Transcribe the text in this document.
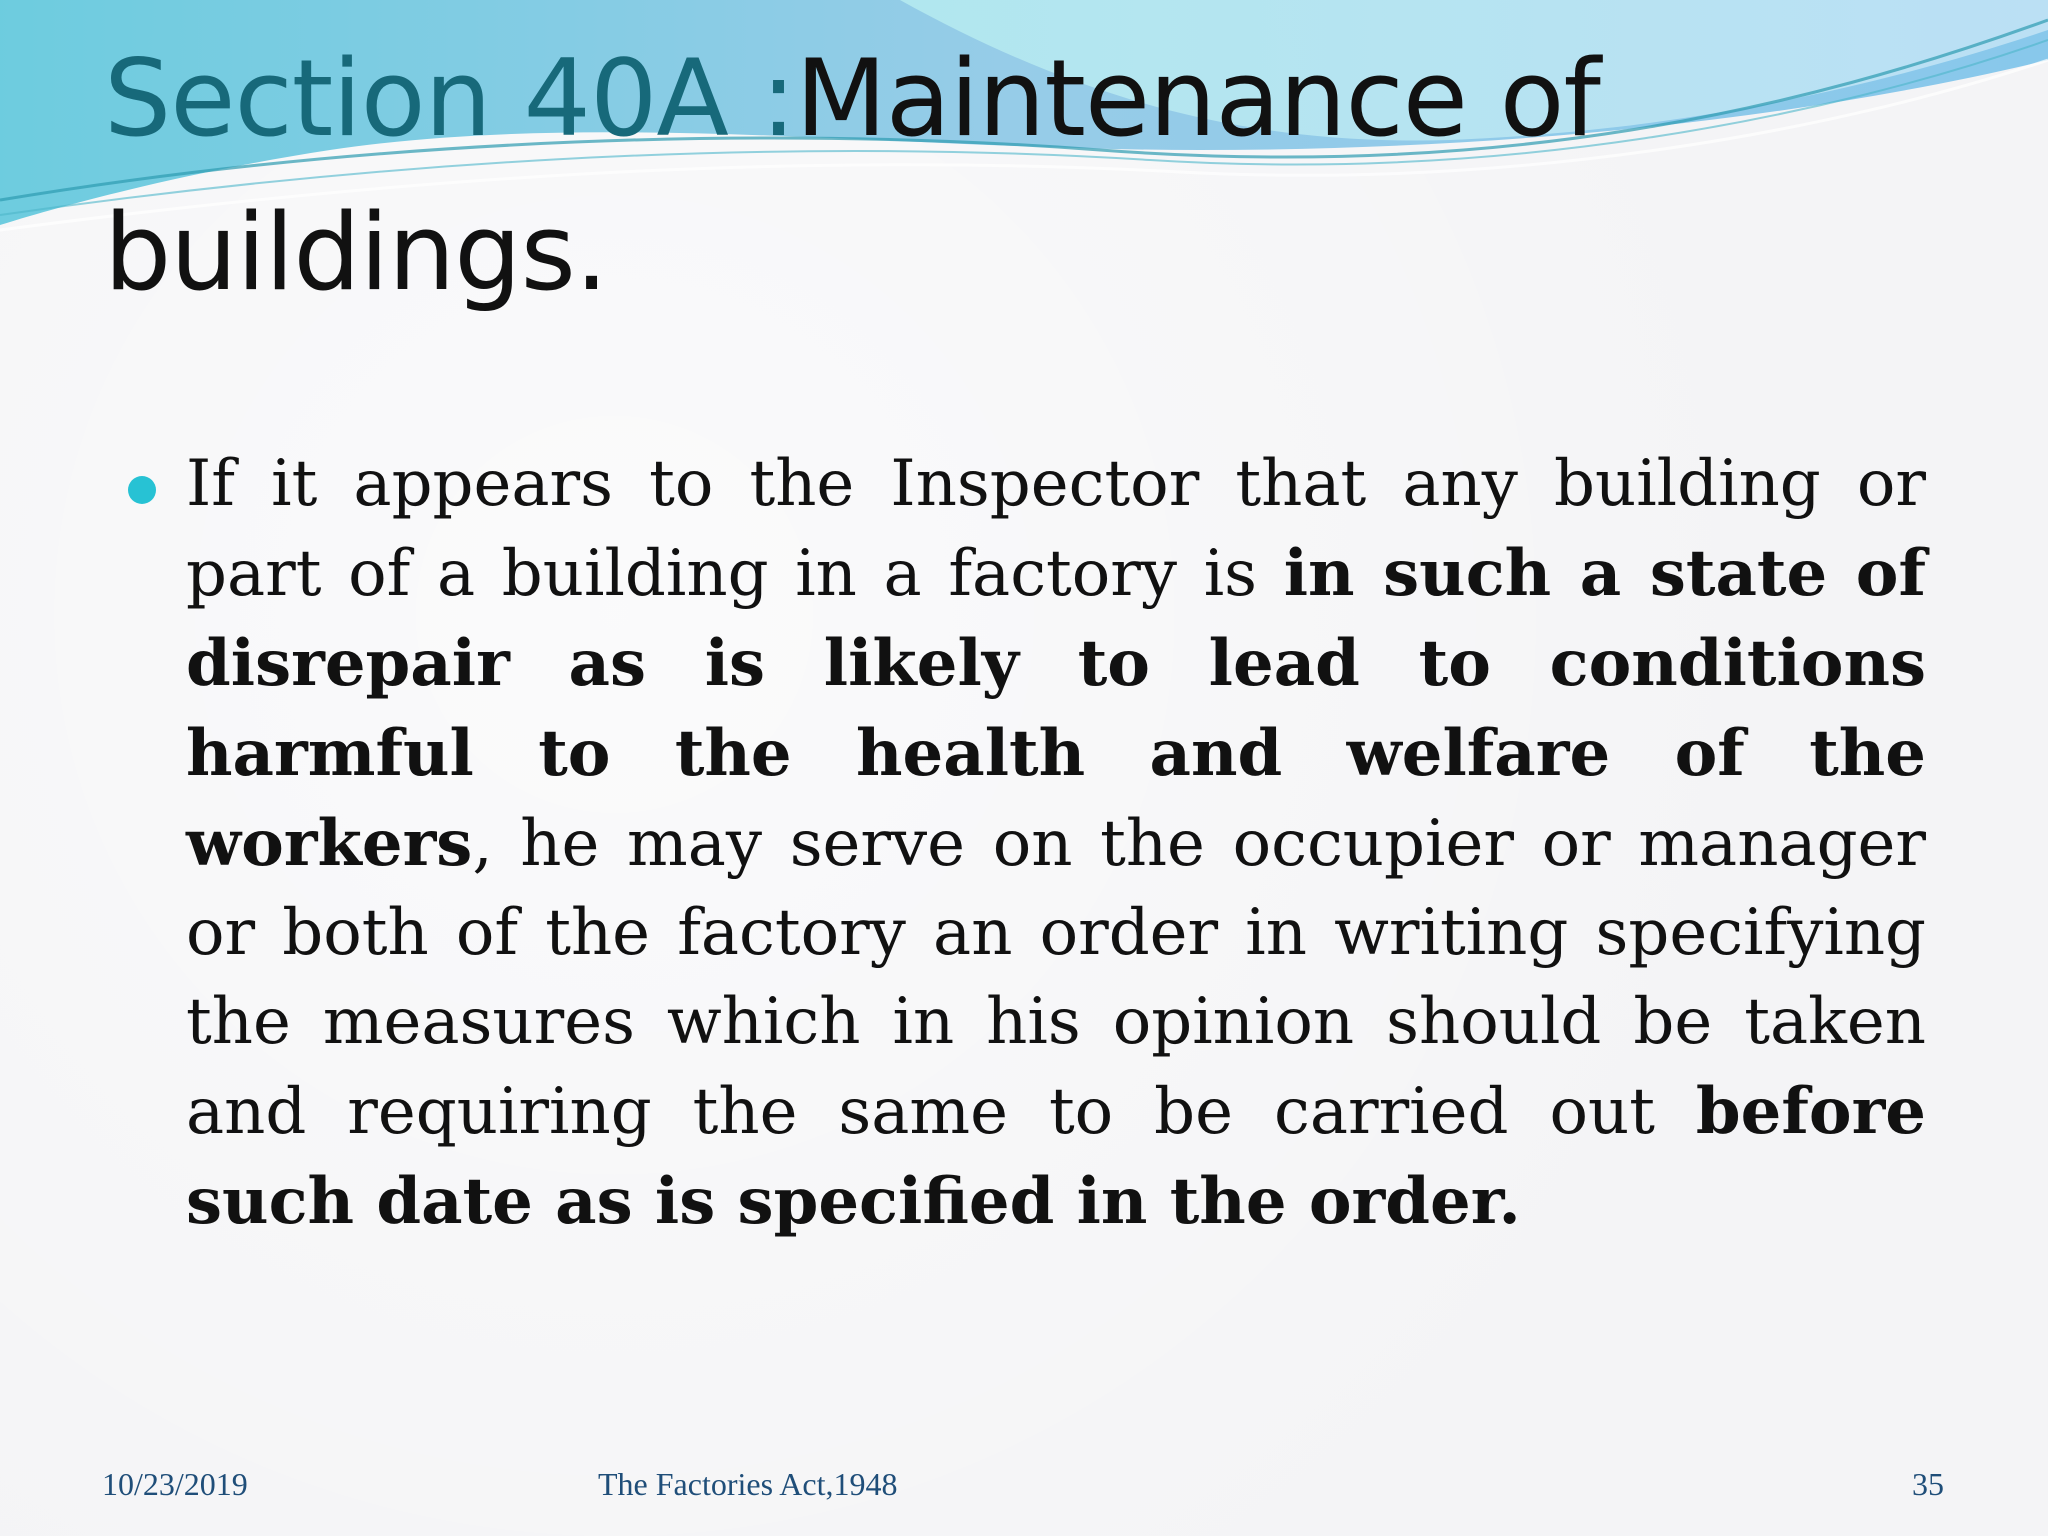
Section 40A :Maintenance of buildings.

If it appears to the Inspector that any building or part of a building in a factory is in such a state of disrepair as is likely to lead to conditions harmful to the health and welfare of the workers, he may serve on the occupier or manager or both of the factory an order in writing specifying the measures which in his opinion should be taken and requiring the same to be carried out before such date as is specified in the order.

10/23/2019	The Factories Act,1948	35
